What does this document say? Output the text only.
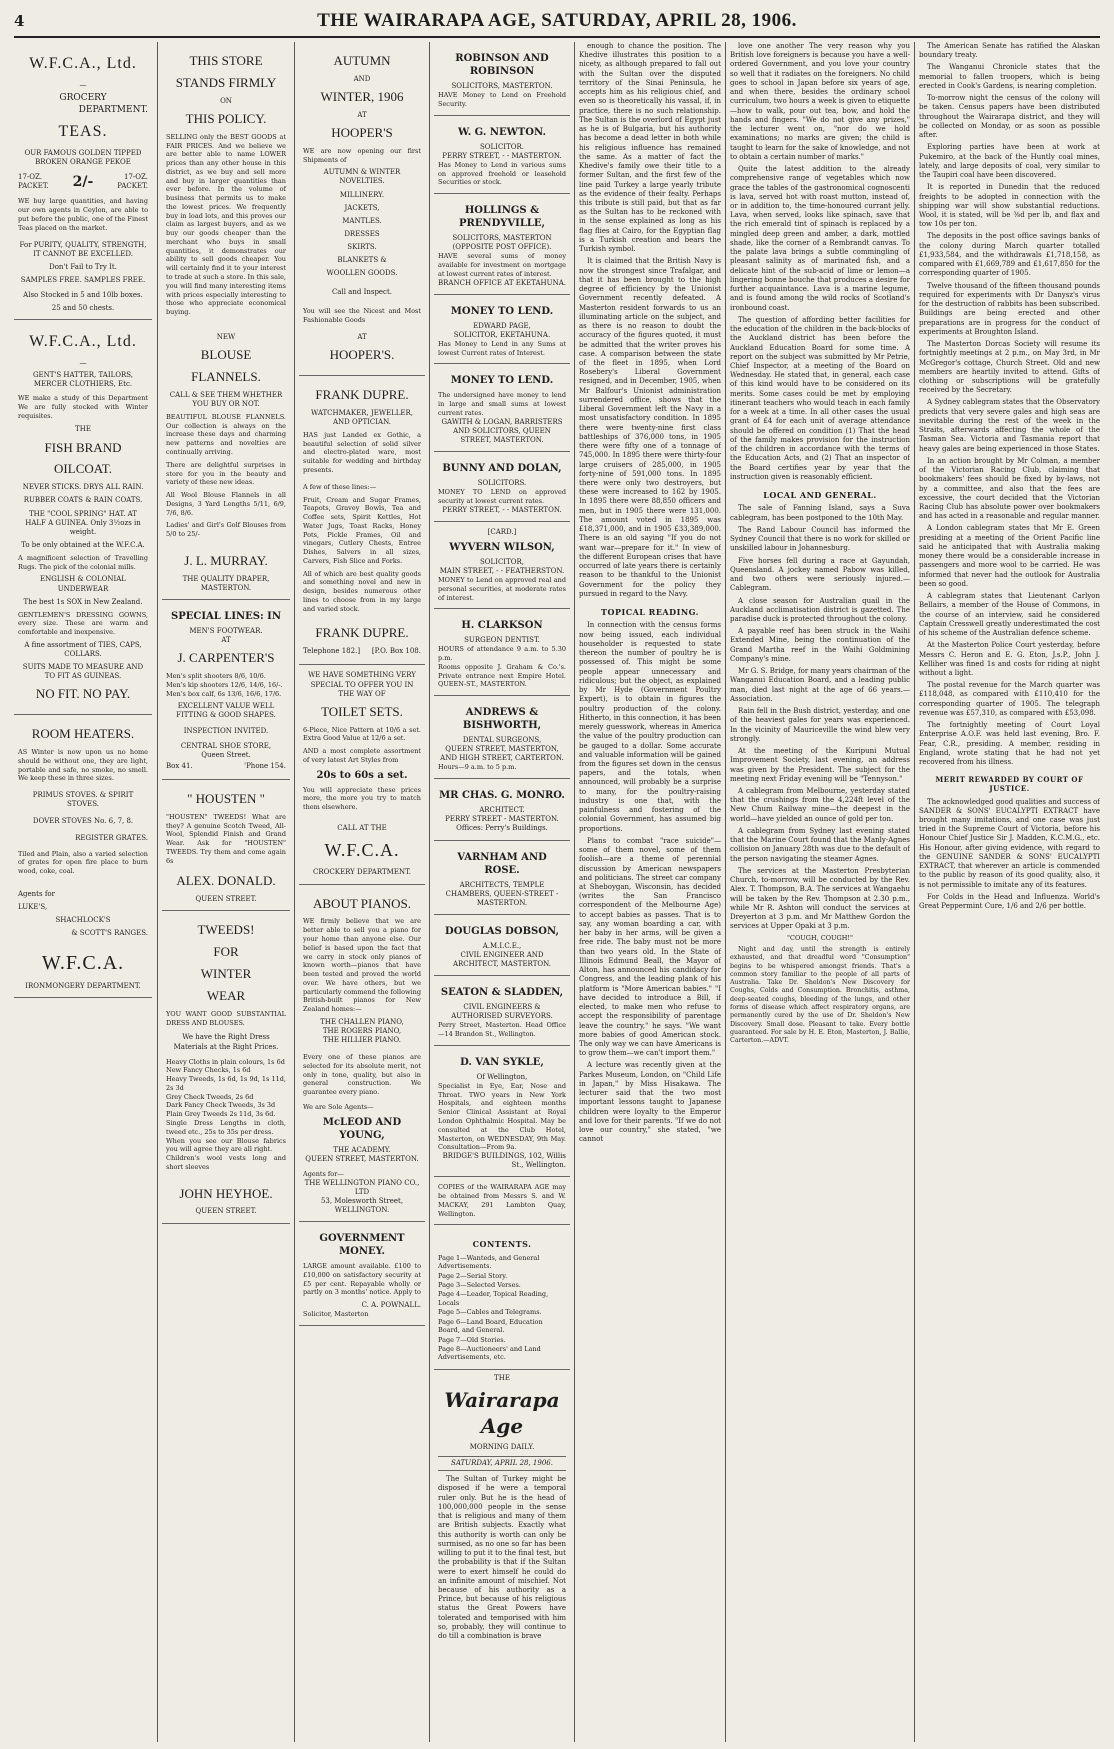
4	THE WAIRARAPA AGE, SATURDAY, APRIL 28, 1906.
W.F.C.A., Ltd.
—
GROCERY
DEPARTMENT.
TEAS.
OUR FAMOUS GOLDEN TIPPED BROKEN ORANGE PEKOE
17-OZ. PACKET.	2/-	17-OZ. PACKET.
WE buy large quantities, and having our own agents in Ceylon, are able to put before the public, one of the Finest Teas placed on the market.
For PURITY, QUALITY, STRENGTH, IT CANNOT BE EXCELLED.
Don't Fail to Try It.
SAMPLES FREE. SAMPLES FREE.
Also Stocked in 5 and 10lb boxes.
25 and 50 chests.
W.F.C.A., Ltd.
—
GENT'S HATTER, TAILORS, MERCER CLOTHIERS, Etc.
WE make a study of this Department We are fully stocked with Winter requisites.
THE
FISH BRAND
OILCOAT.
NEVER STICKS. DRYS ALL RAIN.
RUBBER COATS & RAIN COATS.
THE "COOL SPRING" HAT. AT HALF A GUINEA. Only 3½ozs in weight.
To be only obtained at the W.F.C.A.
A magnificent selection of Travelling Rugs. The pick of the colonial mills.
ENGLISH & COLONIAL UNDERWEAR
The best 1s SOX in New Zealand.
GENTLEMEN'S DRESSING GOWNS, every size. These are warm and comfortable and inexpensive.
A fine assortment of TIES, CAPS, COLLARS.
SUITS MADE TO MEASURE AND TO FIT AS GUINEAS.
NO FIT. NO PAY.
ROOM HEATERS.
AS Winter is now upon us no home should be without one, they are light, portable and safe, no smoke, no smell. We keep these in three sizes.
PRIMUS STOVES. & SPIRIT STOVES.
DOVER STOVES No. 6, 7, 8.
REGISTER GRATES.
Tiled and Plain, also a varied selection of grates for open fire place to burn wood, coke, coal.
Agents for
LUKE'S,
SHACHLOCK'S
& SCOTT'S RANGES.
W.F.C.A.
IRONMONGERY DEPARTMENT.
THIS STORE
STANDS FIRMLY
ON
THIS POLICY.
SELLING only the BEST GOODS at FAIR PRICES. And we believe we are better able to name LOWER prices than any other house in this district, as we buy and sell more and buy in larger quantities than ever before. In the volume of business that permits us to make the lowest prices. We frequently buy in load lots, and this proves our claim as largest buyers, and as we buy our goods cheaper than the merchant who buys in small quantities, it demonstrates our ability to sell goods cheaper. You will certainly find it to your interest to trade at such a store. In this sale, you will find many interesting items with prices especially interesting to those who appreciate economical buying.
NEW
BLOUSE
FLANNELS.
CALL & SEE THEM WHETHER YOU BUY OR NOT.
BEAUTIFUL BLOUSE FLANNELS. Our collection is always on the increase these days and charming new patterns and novelties are continually arriving.
There are delightful surprises in store for you in the beauty and variety of these new ideas.
All Wool Blouse Flannels in all Designs, 3 Yard Lengths 5/11, 6/9, 7/6, 8/6.
Ladies' and Girl's Golf Blouses from 5/0 to 25/-
J. L. MURRAY.
THE QUALITY DRAPER, MASTERTON.
SPECIAL LINES: IN
MEN'S FOOTWEAR.
AT
J. CARPENTER'S
Men's split shooters 8/6, 10/6.
Men's kip shooters 12/6, 14/6, 16/-.
Men's box calf, 6s 13/6, 16/6, 17/6.
EXCELLENT VALUE WELL FITTING & GOOD SHAPES.
INSPECTION INVITED.
CENTRAL SHOE STORE,
Queen Street.
Box 41.	'Phone 154.
" HOUSTEN "
"HOUSTEN" TWEEDS! What are they? A genuine Scotch Tweed, All-Wool, Splendid Finish and Grand Wear. Ask for "HOUSTEN" TWEEDS. Try them and come again 6s
ALEX. DONALD.
QUEEN STREET.
TWEEDS!
FOR
WINTER
WEAR
YOU WANT GOOD SUBSTANTIAL DRESS AND BLOUSES.
We have the Right Dress Materials at the Right Prices.
Heavy Cloths in plain colours, 1s 6d
New Fancy Checks, 1s 6d
Heavy Tweeds, 1s 6d, 1s 9d, 1s 11d, 2s 3d
Grey Check Tweeds, 2s 6d
Dark Fancy Check Tweeds, 3s 3d
Plain Grey Tweeds 2s 11d, 3s 6d.
Single Dress Lengths in cloth, tweed etc., 25s to 35s per dress.
When you see our Blouse fabrics you will agree they are all right.
Children's wool vests long and short sleeves
JOHN HEYHOE.
QUEEN STREET.
AUTUMN
AND
WINTER, 1906
AT
HOOPER'S
WE are now opening our first Shipments of
AUTUMN & WINTER NOVELTIES.
MILLINERY.
JACKETS,
MANTLES.
DRESSES
SKIRTS.
BLANKETS &
WOOLLEN GOODS.
Call and Inspect.
You will see the Nicest and Most Fashionable Goods
AT
HOOPER'S.
FRANK DUPRE.
WATCHMAKER, JEWELLER, AND OPTICIAN.
HAS just Landed ex Gothic, a beautiful selection of solid silver and electro-plated ware, most suitable for wedding and birthday presents.
A few of these lines:—
Fruit, Cream and Sugar Frames, Teapots, Gravey Bowls, Tea and Coffee sets, Spirit Kettles, Hot Water Jugs, Toast Racks, Honey Pots, Pickle Frames, Oil and vinegars, Cutlery Chests, Entree Dishes, Salvers in all sizes, Carvers, Fish Slice and Forks.
All of which are best quality goods and something novel and new in design, besides numerous other lines to choose from in my large and varied stock.
FRANK DUPRE.
Telephone 182.] [P.O. Box 108.
WE HAVE SOMETHING VERY SPECIAL TO OFFER YOU IN THE WAY OF
TOILET SETS.
6-Piece, Nice Pattern at 10/6 a set. Extra Good Value at 12/6 a set.
AND a most complete assortment of very latest Art Styles from
20s to 60s a set.
You will appreciate these prices more, the more you try to match them elsewhere.
CALL AT THE
W.F.C.A.
CROCKERY DEPARTMENT.
ABOUT PIANOS.
WE firmly believe that we are better able to sell you a piano for your home than anyone else. Our belief is based upon the fact that we carry in stock only pianos of known worth—pianos that have been tested and proved the world over. We have others, but we particularly commend the following British-built pianos for New Zealand homes:—
THE CHALLEN PIANO,
THE ROGERS PIANO,
THE HILLIER PIANO.
Every one of these pianos are selected for its absolute merit, not only in tone, quality, but also in general construction. We guarantee every piano.
We are Sole Agents—
McLEOD AND YOUNG,
THE ACADEMY.
QUEEN STREET, MASTERTON.
Agents for—
THE WELLINGTON PIANO CO., LTD
53, Molesworth Street,
WELLINGTON.
GOVERNMENT MONEY.
LARGE amount available. £100 to £10,000 on satisfactory security at £5 per cent. Repayable wholly or partly on 3 months' notice. Apply to
C. A. POWNALL.
Solicitor, Masterton
ROBINSON AND ROBINSON
SOLICITORS, MASTERTON.
HAVE Money to Lend on Freehold Security.
W. G. NEWTON.
SOLICITOR.
PERRY STREET, - - MASTERTON.
Has Money to Lend in various sums on approved freehold or leasehold Securities or stock.
HOLLINGS & PRENDYVILLE,
SOLICITORS, MASTERTON (OPPOSITE POST OFFICE).
HAVE several sums of money available for investment on mortgage at lowest current rates of interest.
BRANCH OFFICE AT EKETAHUNA.
MONEY TO LEND.
EDWARD PAGE,
SOLICITOR, EKETAHUNA.
Has Money to Lend in any Sums at lowest Current rates of Interest.
MONEY TO LEND.
The undersigned have money to lend in large and small sums at lowest current rates.
GAWITH & LOGAN, BARRISTERS AND SOLICITORS, QUEEN STREET, MASTERTON.
BUNNY AND DOLAN,
SOLICITORS.
MONEY TO LEND on approved security at lowest current rates.
PERRY STREET, - - MASTERTON.
[CARD.]
WYVERN WILSON,
SOLICITOR,
MAIN STREET, - - FEATHERSTON.
MONEY to Lend on approved real and personal securities, at moderate rates of interest.
H. CLARKSON
SURGEON DENTIST.
HOURS of attendance 9 a.m. to 5.30 p.m.
Rooms opposite J. Graham & Co.'s. Private entrance next Empire Hotel. QUEEN-ST., MASTERTON.
ANDREWS & BISHWORTH,
DENTAL SURGEONS,
QUEEN STREET, MASTERTON, AND HIGH STREET, CARTERTON.
Hours—9 a.m. to 5 p.m.
MR CHAS. G. MONRO.
ARCHITECT.
PERRY STREET - MASTERTON. Offices: Perry's Buildings.
VARNHAM AND ROSE.
ARCHITECTS, TEMPLE CHAMBERS, QUEEN-STREET - MASTERTON.
DOUGLAS DOBSON,
A.M.I.C.E.,
CIVIL ENGINEER AND ARCHITECT, MASTERTON.
SEATON & SLADDEN,
CIVIL ENGINEERS & AUTHORISED SURVEYORS.
Perry Street, Masterton. Head Office—14 Brandon St., Wellington.
D. VAN SYKLE,
Of Wellington,
Specialist in Eye, Ear, Nose and Throat. TWO years in New York Hospitals, and eighteen months Senior Clinical Assistant at Royal London Ophthalmic Hospital. May be consulted at the Club Hotel, Masterton, on WEDNESDAY, 9th May. Consultation—From 9a.
BRIDGE'S BUILDINGS, 102, Willis St., Wellington.
COPIES of the WAIRARAPA AGE may be obtained from Messrs S. and W. MACKAY, 291 Lambton Quay, Wellington.
CONTENTS.
Page 1—Wanteds, and General Advertisements.
Page 2—Serial Story.
Page 3—Selected Verses.
Page 4—Leader, Topical Reading, Locals
Page 5—Cables and Telegrams.
Page 6—Land Board, Education Board, and General.
Page 7—Old Stories.
Page 8—Auctioneers' and Land Advertisements, etc.
THE
Wairarapa Age
MORNING DAILY.
SATURDAY, APRIL 28, 1906.

The Sultan of Turkey might be disposed if he were a temporal ruler only. But he is the head of 100,000,000 people in the sense that is religious and many of them are British subjects. Exactly what this authority is worth can only be surmised, as no one so far has been willing to put it to the final test, but the probability is that if the Sultan were to exert himself he could do an infinite amount of mischief. Not because of his authority as a Prince, but because of his religious status the Great Powers have tolerated and temporised with him so, probably, they will continue to do till a combination is brave

enough to chance the position. The Khedive illustrates this position to a nicety, as although prepared to fall out with the Sultan over the disputed territory of the Sinai Peninsula, he accepts him as his religious chief, and even so is theoretically his vassal, if, in practice, there is no such relationship. The Sultan is the overlord of Egypt just as he is of Bulgaria, but his authority has become a dead letter in both while his religious influence has remained the same. As a matter of fact the Khedive's family owe their title to a former Sultan, and the first few of the line paid Turkey a large yearly tribute as the evidence of their fealty. Perhaps this tribute is still paid, but that as far as the Sultan has to be reckoned with in the sense explained as long as his flag flies at Cairo, for the Egyptian flag is a Turkish creation and bears the Turkish symbol.

It is claimed that the British Navy is now the strongest since Trafalgar, and that it has been brought to the high degree of efficiency by the Unionist Government recently defeated. A Masterton resident forwards to us an illuminating article on the subject, and as there is no reason to doubt the accuracy of the figures quoted, it must be admitted that the writer proves his case. A comparison between the state of the fleet in 1895, when Lord Rosebery's Liberal Government resigned, and in December, 1905, when Mr Balfour's Unionist administration surrendered office, shows that the Liberal Government left the Navy in a most unsatisfactory condition. In 1895 there were twenty-nine first class battleships of 376,000 tons, in 1905 there were fifty one of a tonnage of 745,000. In 1895 there were thirty-four large cruisers of 285,000, in 1905 forty-nine of 591,000 tons. In 1895 there were only two destroyers, but these were increased to 162 by 1905. In 1895 there were 88,850 officers and men, but in 1905 there were 131,000. The amount voted in 1895 was £18,371,000, and in 1905 £33,389,000. There is an old saying "If you do not want war—prepare for it." In view of the different European crises that have occurred of late years there is certainly reason to be thankful to the Unionist Government for the policy they pursued in regard to the Navy.

TOPICAL READING.

In connection with the census forms now being issued, each individual householder is requested to state thereon the number of poultry he is possessed of. This might be some people appear unnecessary and ridiculous; but the object, as explained by Mr Hyde (Government Poultry Expert), is to obtain in figures the poultry production of the colony. Hitherto, in this connection, it has been merely guesswork, whereas in America the value of the poultry production can be gauged to a dollar. Some accurate and valuable information will be gained from the figures set down in the census papers, and the totals, when announced, will probably be a surprise to many, for the poultry-raising industry is one that, with the painfulness and fostering of the colonial Government, has assumed big proportions.

Plans to combat "race suicide"—some of them novel, some of them foolish—are a theme of perennial discussion by American newspapers and politicians. The street car company at Sheboygan, Wisconsin, has decided (writes the San Francisco correspondent of the Melbourne Age) to accept babies as passes. That is to say, any woman boarding a car, with her baby in her arms, will be given a free ride. The baby must not be more than two years old. In the State of Illinois Edmund Beall, the Mayor of Alton, has announced his candidacy for Congress, and the leading plank of his platform is "More American babies." "I have decided to introduce a Bill, if elected, to make men who refuse to accept the responsibility of parentage leave the country," he says. "We want more babies of good American stock. The only way we can have Americans is to grow them—we can't import them."

A lecture was recently given at the Parkes Museum, London, on "Child Life in Japan," by Miss Hisakawa. The lecturer said that the two most important lessons taught to Japanese children were loyalty to the Emperor and love for their parents. "If we do not love our country," she stated, "we cannot

love one another The very reason why you British love foreigners is because you have a well-ordered Government, and you love your country so well that it radiates on the foreigners. No child goes to school in Japan before six years of age, and when there, besides the ordinary school curriculum, two hours a week is given to etiquette—how to walk, pour out tea, bow, and hold the hands and fingers. "We do not give any prizes," the lecturer went on, "nor do we hold examinations; no marks are given; the child is taught to learn for the sake of knowledge, and not to obtain a certain number of marks."

Quite the latest addition to the already comprehensive range of vegetables which now grace the tables of the gastronomical cognoscenti is lava, served hot with roast mutton, instead of, or in addition to, the time-honoured currant jelly. Lava, when served, looks like spinach, save that the rich emerald tint of spinach is replaced by a mingled deep green and amber, a dark, mottled shade, like the corner of a Rembrandt canvas. To the palate lava brings a subtle commingling of pleasant salinity as of marinated fish, and a delicate hint of the sub-acid of lime or lemon—a lingering bonne bouche that produces a desire for further acquaintance. Lava is a marine legume, and is found among the wild rocks of Scotland's ironbound coast.

The question of affording better facilities for the education of the children in the back-blocks of the Auckland district has been before the Auckland Education Board for some time. A report on the subject was submitted by Mr Petrie, Chief Inspector, at a meeting of the Board on Wednesday. He stated that, in general, each case of this kind would have to be considered on its merits. Some cases could be met by employing itinerant teachers who would teach in each family for a week at a time. In all other cases the usual grant of £4 for each unit of average attendance should be offered on condition (1) That the head of the family makes provision for the instruction of the children in accordance with the terms of the Education Acts, and (2) That an inspector of the Board certifies year by year that the instruction given is reasonably efficient.

LOCAL AND GENERAL.

The sale of Fanning Island, says a Suva cablegram, has been postponed to the 10th May.

The Rand Labour Council has informed the Sydney Council that there is no work for skilled or unskilled labour in Johannesburg.

Five horses fell during a race at Gayundah, Queensland. A jockey named Pabow was killed, and two others were seriously injured.—Cablegram.

A close season for Australian quail in the Auckland acclimatisation district is gazetted. The paradise duck is protected throughout the colony.

A payable reef has been struck in the Waihi Extended Mine, being the continuation of the Grand Martha reef in the Waihi Goldmining Company's mine.

Mr G. S. Bridge, for many years chairman of the Wanganui Education Board, and a leading public man, died last night at the age of 66 years.—Association.

Rain fell in the Bush district, yesterday, and one of the heaviest gales for years was experienced. In the vicinity of Mauriceville the wind blew very strongly.

At the meeting of the Kuripuni Mutual Improvement Society, last evening, an address was given by the President. The subject for the meeting next Friday evening will be "Tennyson."

A cablegram from Melbourne, yesterday stated that the crushings from the 4,224ft level of the New Chum Railway mine—the deepest in the world—have yielded an ounce of gold per ton.

A cablegram from Sydney last evening stated that the Marine Court found that the Manly-Agnes collision on January 28th was due to the default of the person navigating the steamer Agnes.

The services at the Masterton Presbyterian Church, to-morrow, will be conducted by the Rev. Alex. T. Thompson, B.A. The services at Wangaehu will be taken by the Rev. Thompson at 2.30 p.m., while Mr R. Ashton will conduct the services at Dreyerton at 3 p.m. and Mr Matthew Gordon the services at Upper Opaki at 3 p.m.

"COUGH, COUGH!"

Night and day, until the strength is entirely exhausted, and that dreadful word "Consumption" begins to be whispered amongst friends. That's a common story familiar to the people of all parts of Australia. Take Dr. Sheldon's New Discovery for Coughs, Colds and Consumption. Bronchitis, asthma, deep-seated coughs, bleeding of the lungs, and other forms of disease which affect respiratory organs, are permanently cured by the use of Dr. Sheldon's New Discovery. Small dose. Pleasant to take. Every bottle guaranteed. For sale by H. E. Eton, Masterton, J. Ballie, Carterton.—ADVT.

The American Senate has ratified the Alaskan boundary treaty.

The Wanganui Chronicle states that the memorial to fallen troopers, which is being erected in Cook's Gardens, is nearing completion.

To-morrow night the census of the colony will be taken. Census papers have been distributed throughout the Wairarapa district, and they will be collected on Monday, or as soon as possible after.

Exploring parties have been at work at Pukemiro, at the back of the Huntly coal mines, lately, and large deposits of coal, very similar to the Taupiri coal have been discovered.

It is reported in Dunedin that the reduced freights to be adopted in connection with the shipping war will show substantial reductions. Wool, it is stated, will be ⅜d per lb, and flax and tow 10s per ton.

The deposits in the post office savings banks of the colony during March quarter totalled £1,933,584, and the withdrawals £1,718,158, as compared with £1,669,789 and £1,617,850 for the corresponding quarter of 1905.

Twelve thousand of the fifteen thousand pounds required for experiments with Dr Danysz's virus for the destruction of rabbits has been subscribed. Buildings are being erected and other preparations are in progress for the conduct of experiments at Broughton Island.

The Masterton Dorcas Society will resume its fortnightly meetings at 2 p.m., on May 3rd, in Mr McGregor's cottage, Church Street. Old and new members are heartily invited to attend. Gifts of clothing or subscriptions will be gratefully received by the Secretary.

A Sydney cablegram states that the Observatory predicts that very severe gales and high seas are inevitable during the rest of the week in the Straits, afterwards affecting the whole of the Tasman Sea. Victoria and Tasmania report that heavy gales are being experienced in those States.

In an action brought by Mr Colman, a member of the Victorian Racing Club, claiming that bookmakers' fees should be fixed by by-laws, not by a committee, and also that the fees are excessive, the court decided that the Victorian Racing Club has absolute power over bookmakers and has acted in a reasonable and regular manner.

A London cablegram states that Mr E. Green presiding at a meeting of the Orient Pacific line said he anticipated that with Australia making money there would be a considerable increase in passengers and more wool to be carried. He was informed that never had the outlook for Australia been so good.

A cablegram states that Lieutenant Carlyon Bellairs, a member of the House of Commons, in the course of an interview, said he considered Captain Cresswell greatly underestimated the cost of his scheme of the Australian defence scheme.

At the Masterton Police Court yesterday, before Messrs C. Heron and E. G. Eton, J.s.P., John J. Kelliher was fined 1s and costs for riding at night without a light.

The postal revenue for the March quarter was £118,048, as compared with £110,410 for the corresponding quarter of 1905. The telegraph revenue was £57,310, as compared with £53,098.

The fortnightly meeting of Court Loyal Enterprise A.O.F. was held last evening, Bro. F. Fear, C.R., presiding. A member, residing in England, wrote stating that he had not yet recovered from his illness.

MERIT REWARDED BY COURT OF JUSTICE.

The acknowledged good qualities and success of SANDER & SONS' EUCALYPTI EXTRACT have brought many imitations, and one case was just tried in the Supreme Court of Victoria, before his Honour Chief Justice Sir J. Madden, K.C.M.G., etc. His Honour, after giving evidence, with regard to the GENUINE SANDER & SONS' EUCALYPTI EXTRACT, that wherever an article is commended to the public by reason of its good quality, also, it is not permissible to imitate any of its features.

For Colds in the Head and Influenza. World's Great Peppermint Cure, 1/6 and 2/6 per bottle.
